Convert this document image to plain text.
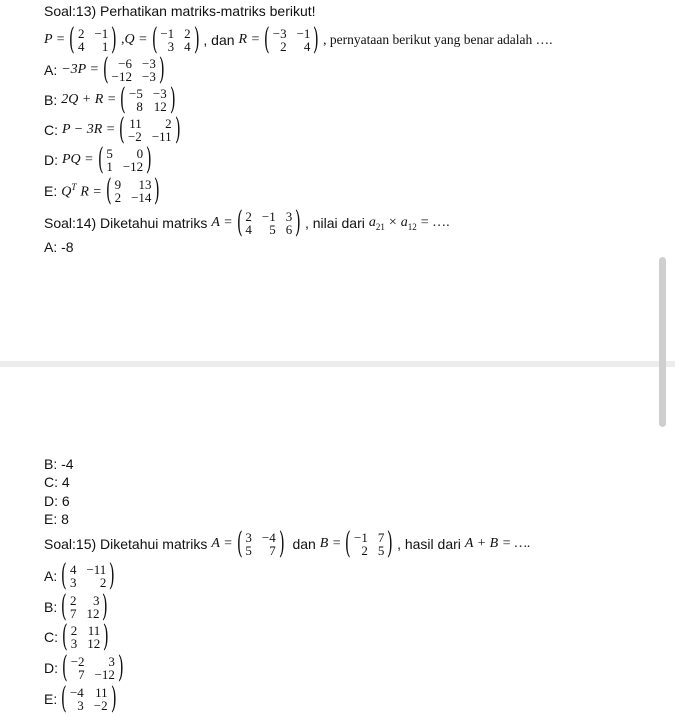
Soal:13) Perhatikan matriks-matriks berikut!
P = ( 2 −1
4	1 ) , Q = ( −1 2
3 4 ) , dan R = ( −3 −1
2	4 ) , pernyataan berikut yang benar adalah ….
A: −3P = ( −6 −3
−12 −3 )
B: 2Q + R = ( −5 −3
8 12 )
C: P − 3R = ( 11	2
−2 −11 )
D: PQ = ( 5	0
1 −12 )
E: $Q^T$ R = ( 9	13
2 −14 )
Soal:14) Diketahui matriks A = ( 2 −1 3
4	5 6 ) , nilai dari $a_{21} \times a_{12}$ = ….
A: -8
B: -4
C: 4
D: 6
E: 8
Soal:15) Diketahui matriks A = ( 3 −4
5	7 ) dan B = ( −1 7
2 5 ) , hasil dari A + B = ….
A: ( 4 −11
3	2 )
B: ( 2	3
7 12 )
C: ( 2 11
3 12 )
D: ( −2	3
7 −12 )
E: ( −4 11
3 −2 )
